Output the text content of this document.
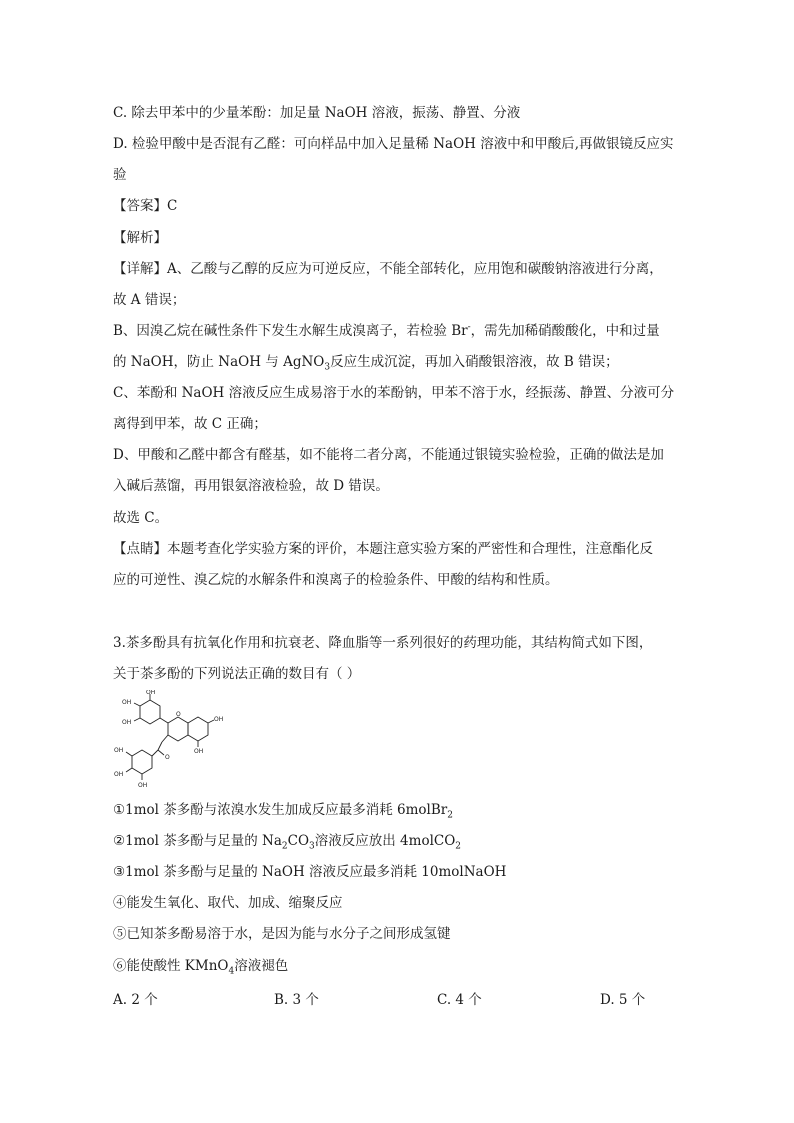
C. 除去甲苯中的少量苯酚：加足量 NaOH 溶液，振荡、静置、分液
D. 检验甲酸中是否混有乙醛：可向样品中加入足量稀 NaOH 溶液中和甲酸后,再做银镜反应实
验
【答案】C
【解析】
【详解】A、乙酸与乙醇的反应为可逆反应，不能全部转化，应用饱和碳酸钠溶液进行分离，
故 A 错误；
B、因溴乙烷在碱性条件下发生水解生成溴离子，若检验 Br-，需先加稀硝酸酸化，中和过量
的 NaOH，防止 NaOH 与 AgNO$_3$反应生成沉淀，再加入硝酸银溶液，故 B 错误；
C、苯酚和 NaOH 溶液反应生成易溶于水的苯酚钠，甲苯不溶于水，经振荡、静置、分液可分
离得到甲苯，故 C 正确；
D、甲酸和乙醛中都含有醛基，如不能将二者分离，不能通过银镜实验检验，正确的做法是加
入碱后蒸馏，再用银氨溶液检验，故 D 错误。
故选 C。
【点睛】本题考查化学实验方案的评价，本题注意实验方案的严密性和合理性，注意酯化反
应的可逆性、溴乙烷的水解条件和溴离子的检验条件、甲酸的结构和性质。
3.茶多酚具有抗氧化作用和抗衰老、降血脂等一系列很好的药理功能，其结构简式如下图，
关于茶多酚的下列说法正确的数目有（ ）
OH
OH
OH
O
OH
OH
O
OH
OH
OH
①1mol 茶多酚与浓溴水发生加成反应最多消耗 6molBr$_2$
②1mol 茶多酚与足量的 $Na_2CO_3$溶液反应放出 4molCO$_2$
③1mol 茶多酚与足量的 NaOH 溶液反应最多消耗 10molNaOH
④能发生氧化、取代、加成、缩聚反应
⑤已知茶多酚易溶于水，是因为能与水分子之间形成氢键
⑥能使酸性 KMnO$_4$溶液褪色
A. 2 个	B. 3 个	C. 4 个	D. 5 个
